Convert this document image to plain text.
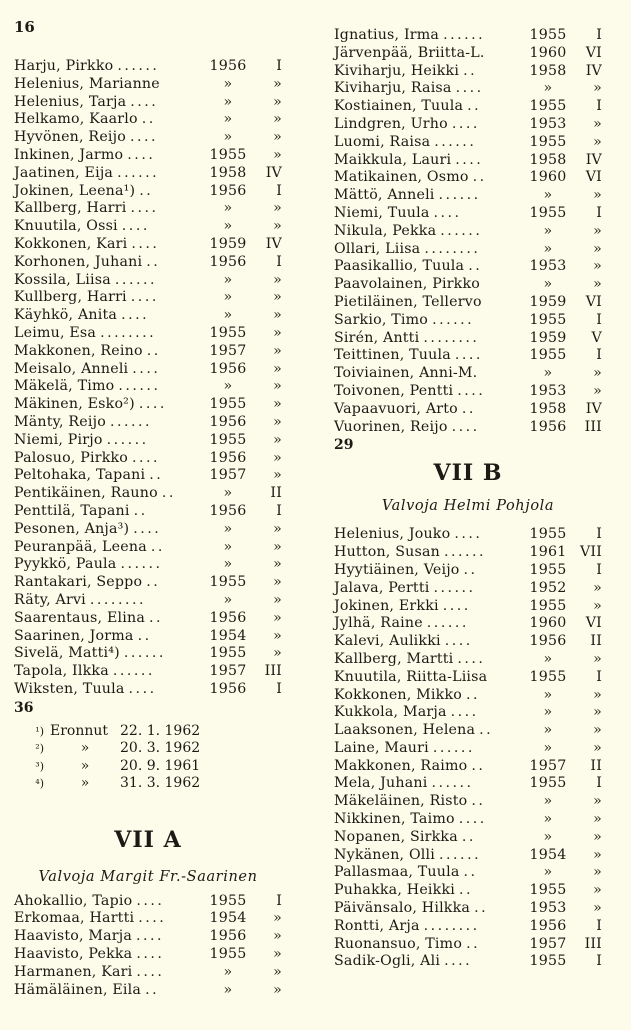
16
Harju, Pirkko ......	1956	I
Helenius, Marianne	»	»
Helenius, Tarja ....	»	»
Helkamo, Kaarlo ..	»	»
Hyvönen, Reijo ....	»	»
Inkinen, Jarmo ....	1955	»
Jaatinen, Eija ......	1958	IV
Jokinen, Leena¹) ..	1956	I
Kallberg, Harri ....	»	»
Knuutila, Ossi ....	»	»
Kokkonen, Kari ....	1959	IV
Korhonen, Juhani ..	1956	I
Kossila, Liisa ......	»	»
Kullberg, Harri ....	»	»
Käyhkö, Anita ....	»	»
Leimu, Esa ........	1955	»
Makkonen, Reino ..	1957	»
Meisalo, Anneli ....	1956	»
Mäkelä, Timo ......	»	»
Mäkinen, Esko²) ....	1955	»
Mänty, Reijo ......	1956	»
Niemi, Pirjo ......	1955	»
Palosuo, Pirkko ....	1956	»
Peltohaka, Tapani ..	1957	»
Pentikäinen, Rauno ..	»	II
Penttilä, Tapani ..	1956	I
Pesonen, Anja³) ....	»	»
Peuranpää, Leena ..	»	»
Pyykkö, Paula ......	»	»
Rantakari, Seppo ..	1955	»
Räty, Arvi ........	»	»
Saarentaus, Elina ..	1956	»
Saarinen, Jorma ..	1954	»
Sivelä, Matti⁴) ......	1955	»
Tapola, Ilkka ......	1957	III
Wiksten, Tuula ....	1956	I
36
¹) Eronnut 22. 1. 1962
²)	»	20. 3. 1962
³)	»	20. 9. 1961
⁴)	»	31. 3. 1962
VII A
Valvoja Margit Fr.-Saarinen
Ahokallio, Tapio ....	1955	I
Erkomaa, Hartti ....	1954	»
Haavisto, Marja ....	1956	»
Haavisto, Pekka ....	1955	»
Harmanen, Kari ....	»	»
Hämäläinen, Eila ..	»	»
Ignatius, Irma ......	1955	I
Järvenpää, Briitta-L.	1960	VI
Kiviharju, Heikki ..	1958	IV
Kiviharju, Raisa ....	»	»
Kostiainen, Tuula ..	1955	I
Lindgren, Urho ....	1953	»
Luomi, Raisa ......	1955	»
Maikkula, Lauri ....	1958	IV
Matikainen, Osmo ..	1960	VI
Mättö, Anneli ......	»	»
Niemi, Tuula ....	1955	I
Nikula, Pekka ......	»	»
Ollari, Liisa ........	»	»
Paasikallio, Tuula ..	1953	»
Paavolainen, Pirkko	»	»
Pietiläinen, Tellervo	1959	VI
Sarkio, Timo ......	1955	I
Sirén, Antti ........	1959	V
Teittinen, Tuula ....	1955	I
Toiviainen, Anni-M.	»	»
Toivonen, Pentti ....	1953	»
Vapaavuori, Arto ..	1958	IV
Vuorinen, Reijo ....	1956	III
29
VII B
Valvoja Helmi Pohjola
Helenius, Jouko ....	1955	I
Hutton, Susan ......	1961 VII
Hyytiäinen, Veijo ..	1955	I
Jalava, Pertti ......	1952	»
Jokinen, Erkki ....	1955	»
Jylhä, Raine ......	1960	VI
Kalevi, Aulikki ....	1956	II
Kallberg, Martti ....	»	»
Knuutila, Riitta-Liisa	1955	I
Kokkonen, Mikko ..	»	»
Kukkola, Marja ....	»	»
Laaksonen, Helena ..	»	»
Laine, Mauri ......	»	»
Makkonen, Raimo ..	1957	II
Mela, Juhani ......	1955	I
Mäkeläinen, Risto ..	»	»
Nikkinen, Taimo ....	»	»
Nopanen, Sirkka ..	»	»
Nykänen, Olli ......	1954	»
Pallasmaa, Tuula ..	»	»
Puhakka, Heikki ..	1955	»
Päivänsalo, Hilkka ..	1953	»
Rontti, Arja ........	1956	I
Ruonansuo, Timo ..	1957	III
Sadik-Ogli, Ali ....	1955	I
